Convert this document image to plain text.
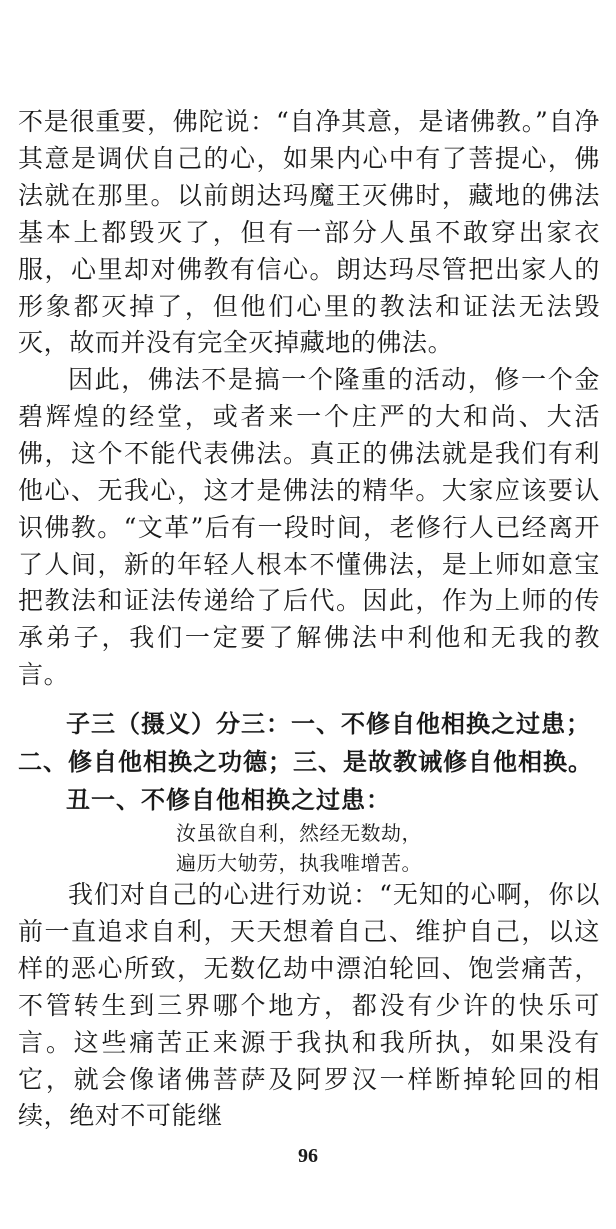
不是很重要，佛陀说：“自净其意，是诸佛教。”自净其意是调伏自己的心，如果内心中有了菩提心，佛法就在那里。以前朗达玛魔王灭佛时，藏地的佛法基本上都毁灭了，但有一部分人虽不敢穿出家衣服，心里却对佛教有信心。朗达玛尽管把出家人的形象都灭掉了，但他们心里的教法和证法无法毁灭，故而并没有完全灭掉藏地的佛法。

因此，佛法不是搞一个隆重的活动，修一个金碧辉煌的经堂，或者来一个庄严的大和尚、大活佛，这个不能代表佛法。真正的佛法就是我们有利他心、无我心，这才是佛法的精华。大家应该要认识佛教。“文革”后有一段时间，老修行人已经离开了人间，新的年轻人根本不懂佛法，是上师如意宝把教法和证法传递给了后代。因此，作为上师的传承弟子，我们一定要了解佛法中利他和无我的教言。

子三（摄义）分三：一、不修自他相换之过患；

二、修自他相换之功德；三、是故教诫修自他相换。

丑一、不修自他相换之过患：

汝虽欲自利，然经无数劫，

遍历大劬劳，执我唯增苦。

我们对自己的心进行劝说：“无知的心啊，你以前一直追求自利，天天想着自己、维护自己，以这样的恶心所致，无数亿劫中漂泊轮回、饱尝痛苦，不管转生到三界哪个地方，都没有少许的快乐可言。这些痛苦正来源于我执和我所执，如果没有它，就会像诸佛菩萨及阿罗汉一样断掉轮回的相续，绝对不可能继

96
